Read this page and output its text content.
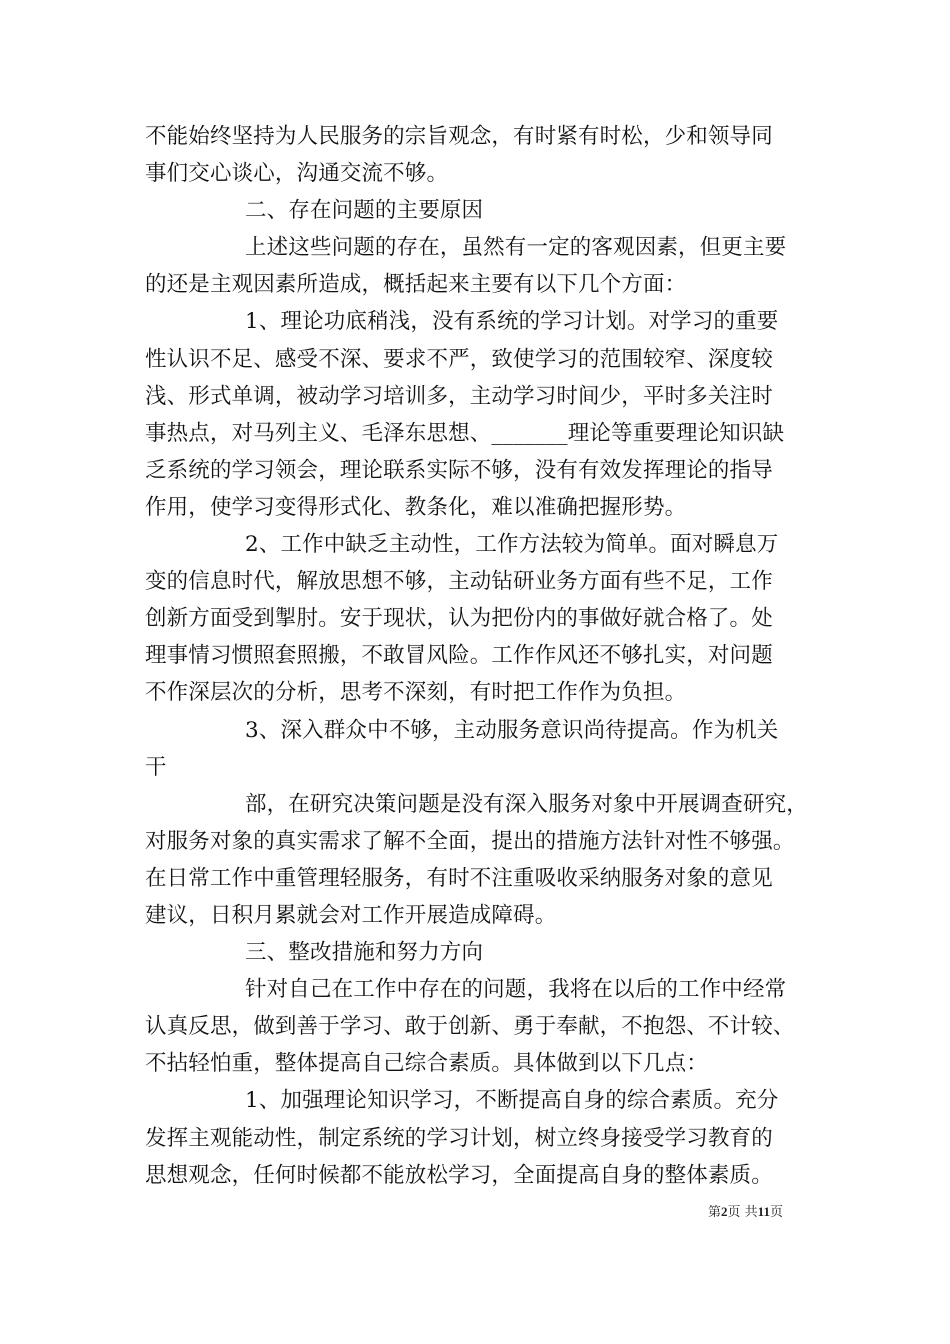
不能始终坚持为人民服务的宗旨观念，有时紧有时松，少和领导同
事们交心谈心，沟通交流不够。
二、存在问题的主要原因
上述这些问题的存在，虽然有一定的客观因素，但更主要
的还是主观因素所造成，概括起来主要有以下几个方面：
1、理论功底稍浅，没有系统的学习计划。对学习的重要
性认识不足、感受不深、要求不严，致使学习的范围较窄、深度较
浅、形式单调，被动学习培训多，主动学习时间少，平时多关注时
事热点，对马列主义、毛泽东思想、_______理论等重要理论知识缺
乏系统的学习领会，理论联系实际不够，没有有效发挥理论的指导
作用，使学习变得形式化、教条化，难以准确把握形势。
2、工作中缺乏主动性，工作方法较为简单。面对瞬息万
变的信息时代，解放思想不够，主动钻研业务方面有些不足，工作
创新方面受到掣肘。安于现状，认为把份内的事做好就合格了。处
理事情习惯照套照搬，不敢冒风险。工作作风还不够扎实，对问题
不作深层次的分析，思考不深刻，有时把工作作为负担。
3、深入群众中不够，主动服务意识尚待提高。作为机关
干
部，在研究决策问题是没有深入服务对象中开展调查研究，
对服务对象的真实需求了解不全面，提出的措施方法针对性不够强。
在日常工作中重管理轻服务，有时不注重吸收采纳服务对象的意见
建议，日积月累就会对工作开展造成障碍。
三、整改措施和努力方向
针对自己在工作中存在的问题，我将在以后的工作中经常
认真反思，做到善于学习、敢于创新、勇于奉献，不抱怨、不计较、
不拈轻怕重，整体提高自己综合素质。具体做到以下几点：
1、加强理论知识学习，不断提高自身的综合素质。充分
发挥主观能动性，制定系统的学习计划，树立终身接受学习教育的
思想观念，任何时候都不能放松学习，全面提高自身的整体素质。
第2页 共11页
